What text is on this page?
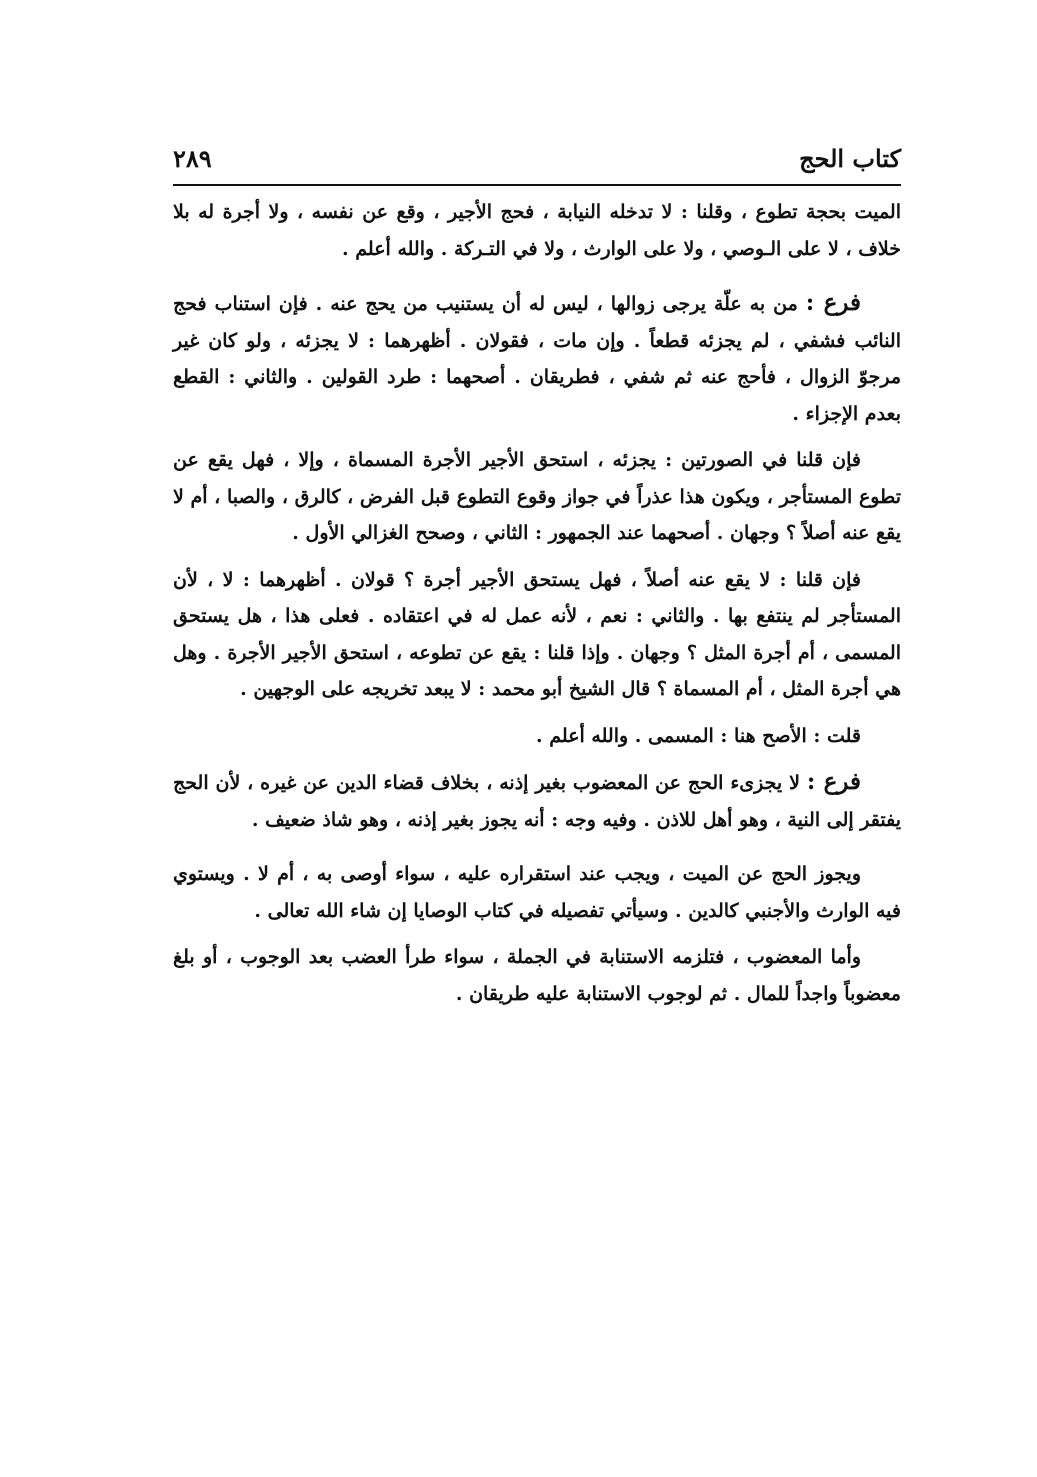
كتاب الحج
٢٨٩

الميت بحجة تطوع ، وقلنا : لا تدخله النيابة ، فحج الأجير ، وقع عن نفسه ، ولا أجرة له بلا خلاف ، لا على الـوصي ، ولا على الوارث ، ولا في التـركة . والله أعلم .

فرع : من به علّة يرجى زوالها ، ليس له أن يستنيب من يحج عنه . فإن استناب فحج النائب فشفي ، لم يجزئه قطعاً . وإن مات ، فقولان . أظهرهما : لا يجزئه ، ولو كان غير مرجوّ الزوال ، فأحج عنه ثم شفي ، فطريقان . أصحهما : طرد القولين . والثاني : القطع بعدم الإجزاء .

فإن قلنا في الصورتين : يجزئه ، استحق الأجير الأجرة المسماة ، وإلا ، فهل يقع عن تطوع المستأجر ، ويكون هذا عذراً في جواز وقوع التطوع قبل الفرض ، كالرق ، والصبا ، أم لا يقع عنه أصلاً ؟ وجهان . أصحهما عند الجمهور : الثاني ، وصحح الغزالي الأول .

فإن قلنا : لا يقع عنه أصلاً ، فهل يستحق الأجير أجرة ؟ قولان . أظهرهما : لا ، لأن المستأجر لم ينتفع بها . والثاني : نعم ، لأنه عمل له في اعتقاده . فعلى هذا ، هل يستحق المسمى ، أم أجرة المثل ؟ وجهان . وإذا قلنا : يقع عن تطوعه ، استحق الأجير الأجرة . وهل هي أجرة المثل ، أم المسماة ؟ قال الشيخ أبو محمد : لا يبعد تخريجه على الوجهين .

قلت : الأصح هنا : المسمى . والله أعلم .

فرع : لا يجزىء الحج عن المعضوب بغير إذنه ، بخلاف قضاء الدين عن غيره ، لأن الحج يفتقر إلى النية ، وهو أهل للاذن . وفيه وجه : أنه يجوز بغير إذنه ، وهو شاذ ضعيف .

ويجوز الحج عن الميت ، ويجب عند استقراره عليه ، سواء أوصى به ، أم لا . ويستوي فيه الوارث والأجنبي كالدين . وسيأتي تفصيله في كتاب الوصايا إن شاء الله تعالى .

وأما المعضوب ، فتلزمه الاستنابة في الجملة ، سواء طرأ العضب بعد الوجوب ، أو بلغ معضوباً واجداً للمال . ثم لوجوب الاستنابة عليه طريقان .
